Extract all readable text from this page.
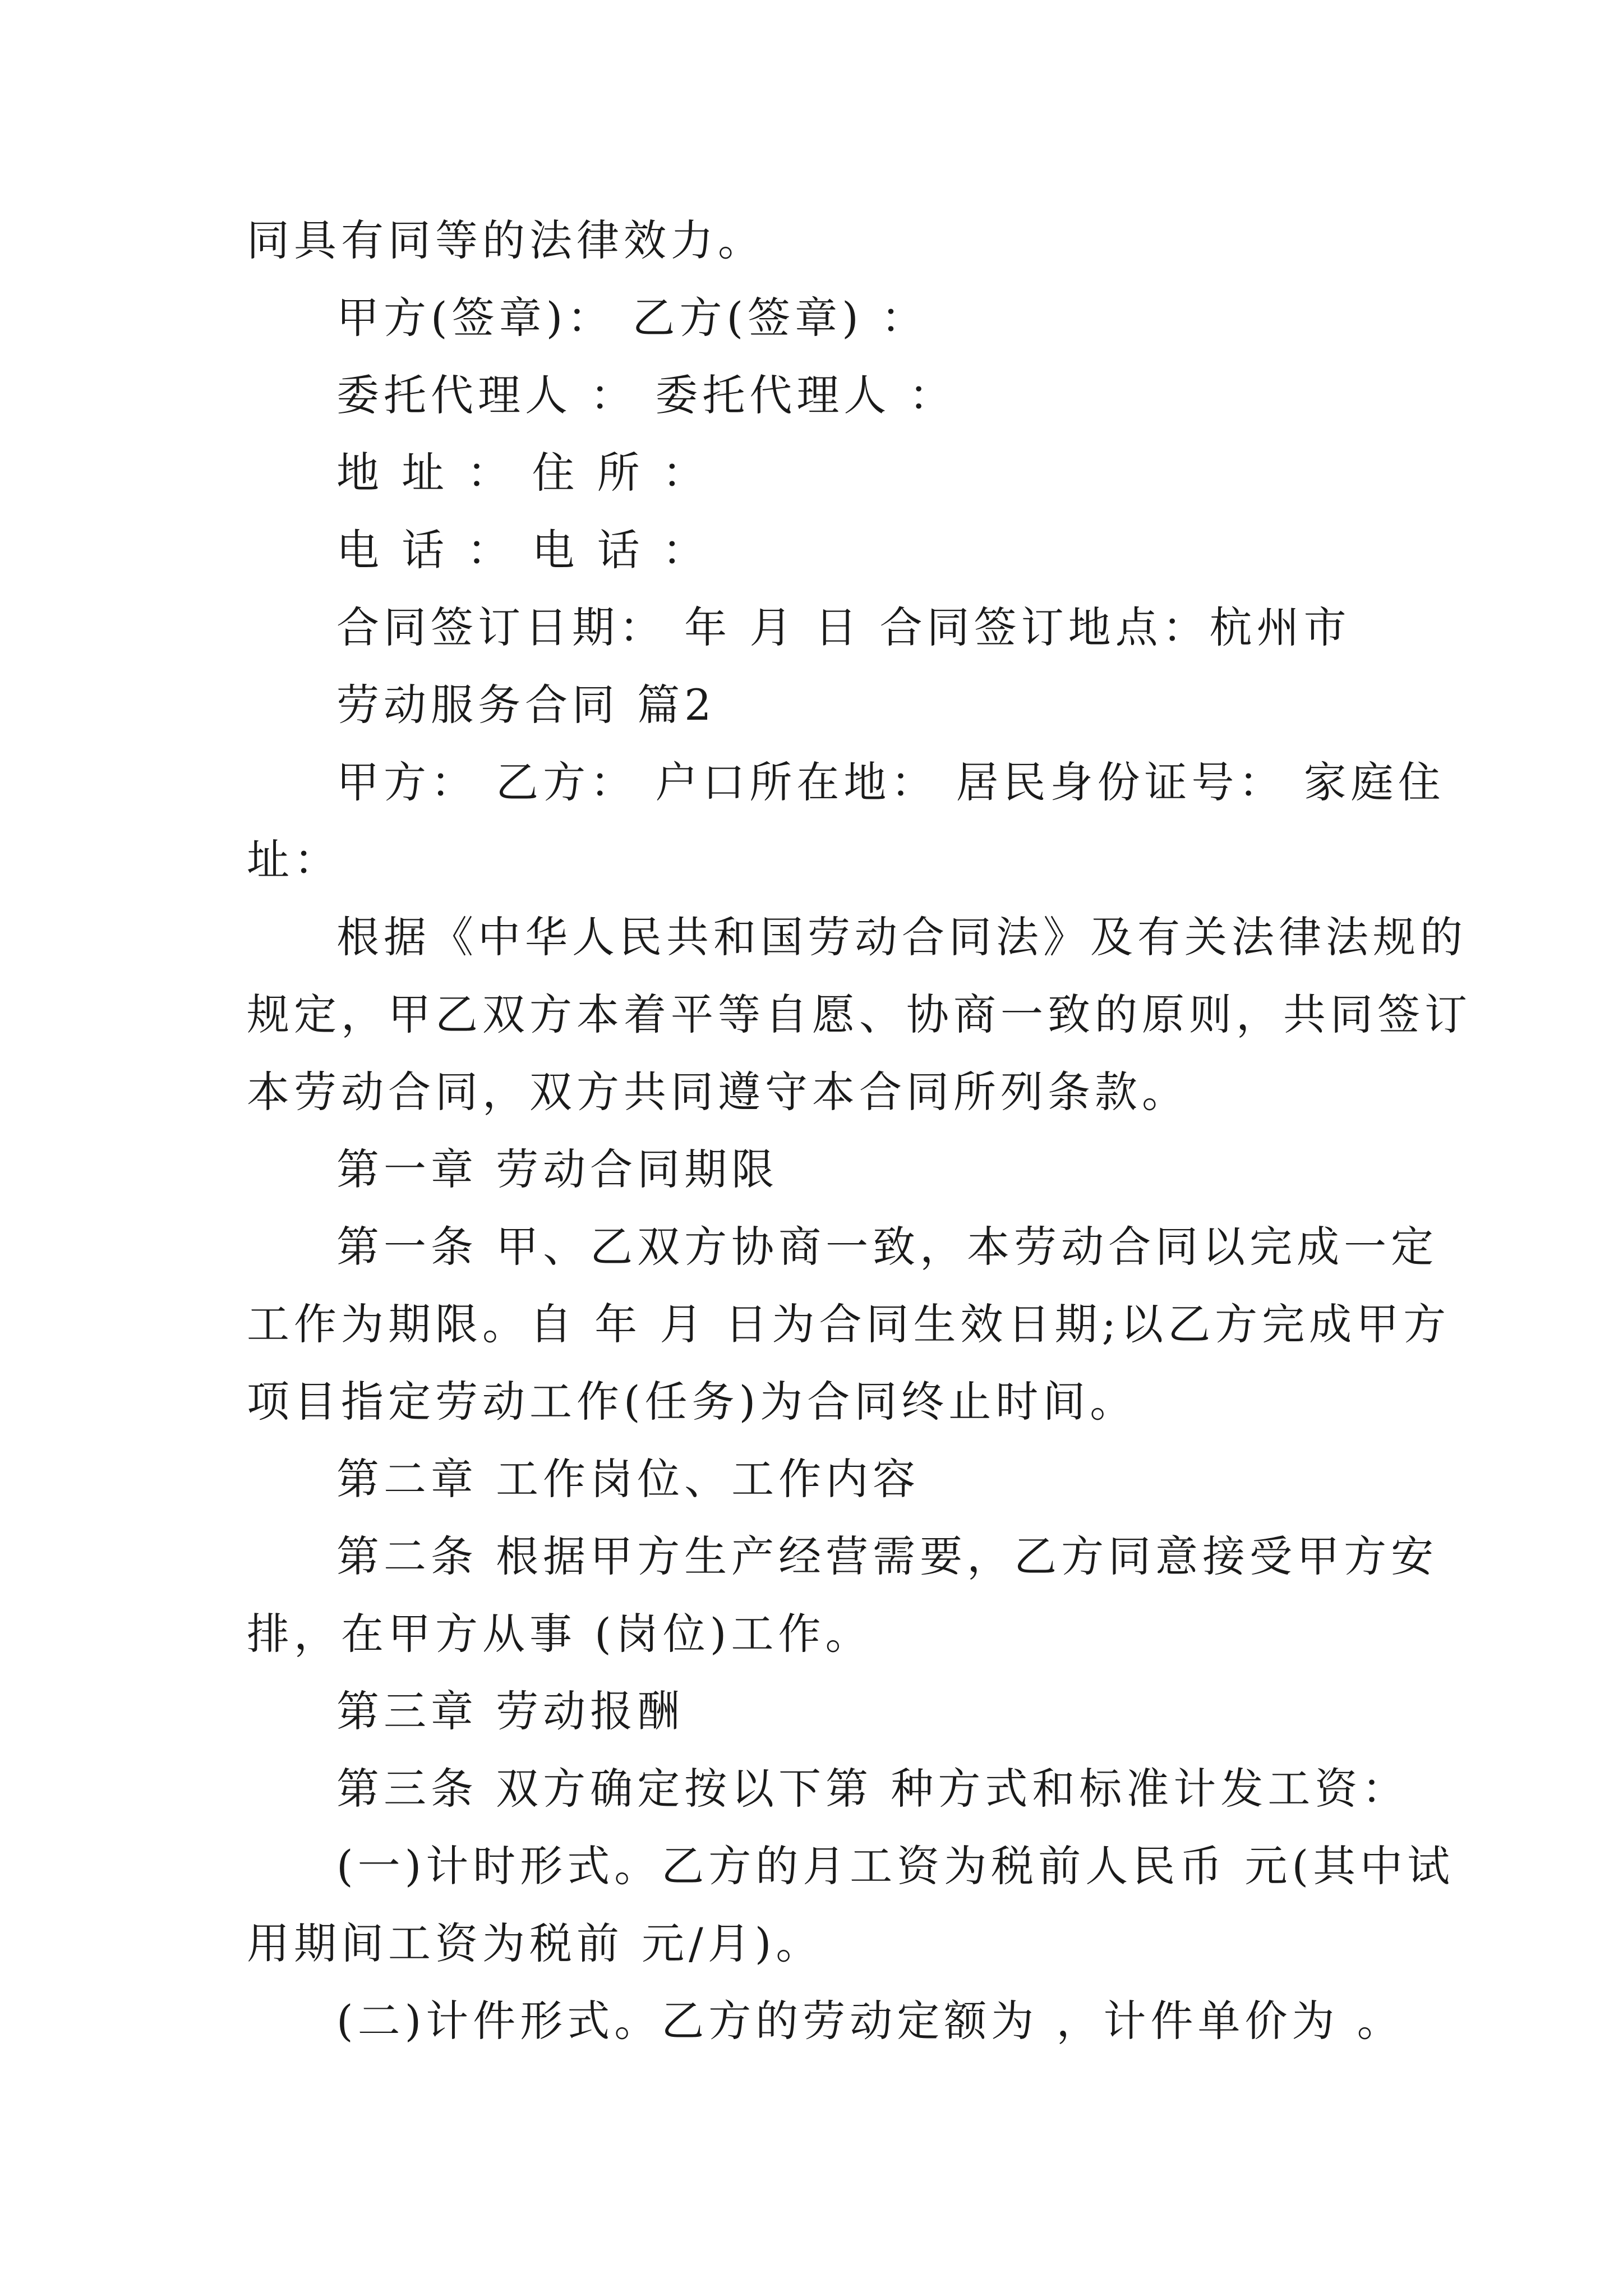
同具有同等的法律效力。

甲方(签章)： 乙方(签章) ：

委托代理人 ： 委托代理人 ：

地 址 ： 住 所 ：

电 话 ： 电 话 ：

合同签订日期： 年 月 日 合同签订地点：杭州市

劳动服务合同 篇2

甲方： 乙方： 户口所在地： 居民身份证号： 家庭住

址：

根据《中华人民共和国劳动合同法》及有关法律法规的

规定，甲乙双方本着平等自愿、协商一致的原则，共同签订

本劳动合同，双方共同遵守本合同所列条款。

第一章 劳动合同期限

第一条 甲、乙双方协商一致，本劳动合同以完成一定

工作为期限。自 年 月 日为合同生效日期;以乙方完成甲方

项目指定劳动工作(任务)为合同终止时间。

第二章 工作岗位、工作内容

第二条 根据甲方生产经营需要，乙方同意接受甲方安

排，在甲方从事 (岗位)工作。

第三章 劳动报酬

第三条 双方确定按以下第 种方式和标准计发工资：

(一)计时形式。乙方的月工资为税前人民币 元(其中试

用期间工资为税前 元/月)。

(二)计件形式。乙方的劳动定额为 ，计件单价为 。
